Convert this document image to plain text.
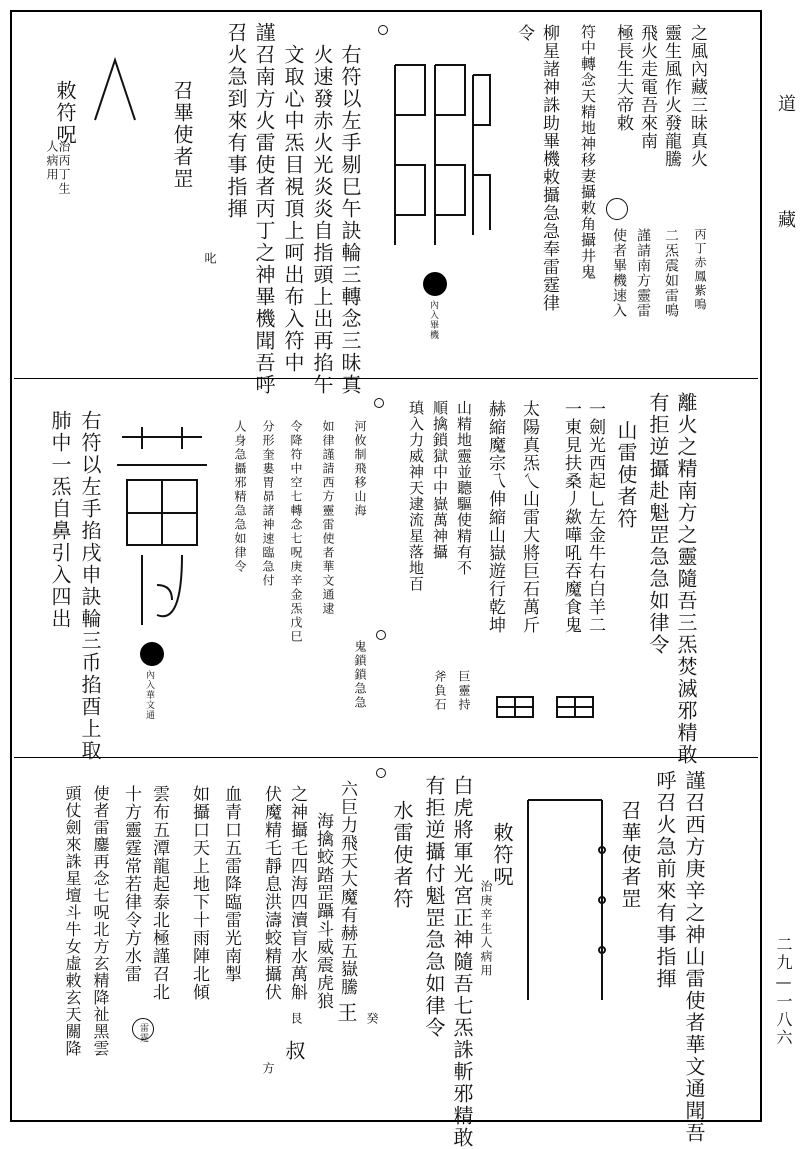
道　藏
二九—一八六
之風內藏三昧真火
靈生風作火發龍騰
飛火走電吾來南
極長生大帝敕
符中轉念天精地神移妻攝敕角攝井鬼
柳星諸神誅助畢機敕攝急急奉雷霆律
令
丙丁赤鳳紫鳴
二炁震如雷鳴
謹請南方靈雷
使者畢機速入
內入畢機
右符以左手剔巳午訣輪三轉念三昧真
火速發赤火光炎炎自指頭上出再掐午
文取心中炁目視頂上呵出布入符中
謹召南方火雷使者丙丁之神畢機聞吾呼
召火急到來有事指揮
召畢使者罡
叱
敕符呪
治丙丁生人病用
離火之精南方之靈隨吾三炁焚滅邪精敢
有拒逆攝赴魁罡急急如律令
山雷使者符
一劍光西起乚左金牛右白羊二
一東見扶桑丿歘嘩吼吞魔食鬼
太陽真炁乀山雷大將巨石萬斤
赫縮魔宗乁伸縮山嶽遊行乾坤
山精地靈並聽驅使精有不
順擒鎖獄中中嶽萬神攝
瑱入力威神天逮流星落地百
巨靈持
斧負石
河攸制飛移山海
如律謹請西方靈雷使者華文通逮
令降符中空七轉念七呪庚辛金炁戊巳
分形奎婁胃昴諸神速臨急付
人身急攝邪精急急如律令
鬼鎖鎖急急
內入華文通
右符以左手掐戌申訣輪三币掐酉上取
肺中一炁自鼻引入四出
謹召西方庚辛之神山雷使者華文通聞吾
呼召火急前來有事指揮
召華使者罡
敕符呪
治庚辛生人病用
白虎將軍光宮正神隨吾七炁誅斬邪精敢
有拒逆攝付魁罡急急如律令
水雷使者符
六巨力飛天大魔有赫五嶽騰
海擒蛟踏罡躡斗威震虎狼
之神攝乇四海四瀆盲水萬斛
伏魔精乇靜息洪濤蛟精攝伏
血青口五雷降臨雷光南掣
如攝口天上地下十雨陣北傾
雲布五潭龍起泰北極謹召北
十方靈霆常若律令方水雷
使者雷鏖再念七呪北方玄精降祉黑雲
頭仗劍來誅星壇斗牛女虛敕玄天關降	王 癸
艮
方
叔
雷霆
